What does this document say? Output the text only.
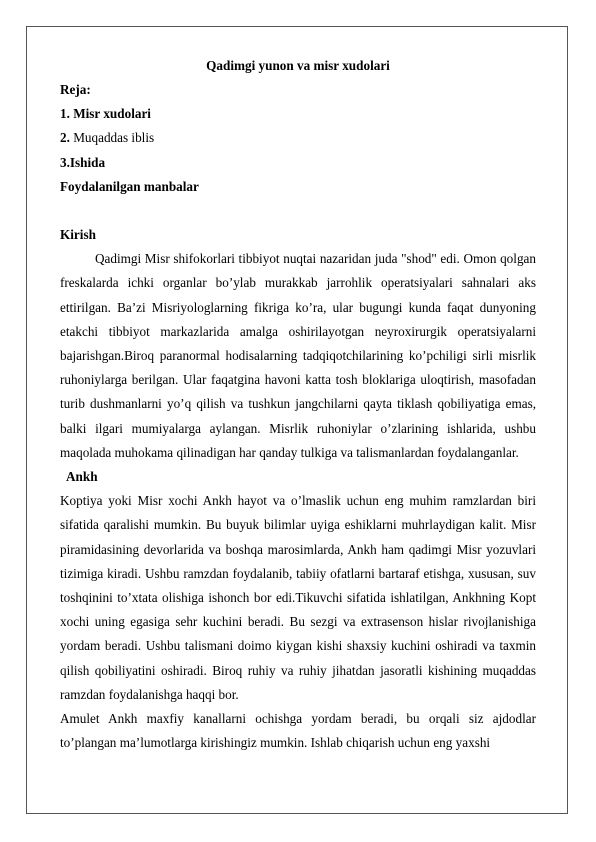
Qadimgi yunon va misr xudolari

Reja:

1. Misr xudolari

2. Muqaddas iblis

3.Ishida

Foydalanilgan manbalar

Kirish

Qadimgi Misr shifokorlari tibbiyot nuqtai nazaridan juda "shod" edi. Omon qolgan freskalarda ichki organlar bo’ylab murakkab jarrohlik operatsiyalari sahnalari aks ettirilgan. Ba’zi Misriyologlarning fikriga ko’ra, ular bugungi kunda faqat dunyoning etakchi tibbiyot markazlarida amalga oshirilayotgan neyroxirurgik operatsiyalarni bajarishgan.Biroq paranormal hodisalarning tadqiqotchilarining ko’pchiligi sirli misrlik ruhoniylarga berilgan. Ular faqatgina havoni katta tosh bloklariga uloqtirish, masofadan turib dushmanlarni yo’q qilish va tushkun jangchilarni qayta tiklash qobiliyatiga emas, balki ilgari mumiyalarga aylangan. Misrlik ruhoniylar o’zlarining ishlarida, ushbu maqolada muhokama qilinadigan har qanday tulkiga va talismanlardan foydalanganlar.

Ankh

Koptiya yoki Misr xochi Ankh hayot va o’lmaslik uchun eng muhim ramzlardan biri sifatida qaralishi mumkin. Bu buyuk bilimlar uyiga eshiklarni muhrlaydigan kalit. Misr piramidasining devorlarida va boshqa marosimlarda, Ankh ham qadimgi Misr yozuvlari tizimiga kiradi. Ushbu ramzdan foydalanib, tabiiy ofatlarni bartaraf etishga, xususan, suv toshqinini to’xtata olishiga ishonch bor edi.Tikuvchi sifatida ishlatilgan, Ankhning Kopt xochi uning egasiga sehr kuchini beradi. Bu sezgi va extrasenson hislar rivojlanishiga yordam beradi. Ushbu talismani doimo kiygan kishi shaxsiy kuchini oshiradi va taxmin qilish qobiliyatini oshiradi. Biroq ruhiy va ruhiy jihatdan jasoratli kishining muqaddas ramzdan foydalanishga haqqi bor.

Amulet Ankh maxfiy kanallarni ochishga yordam beradi, bu orqali siz ajdodlar to’plangan ma’lumotlarga kirishingiz mumkin. Ishlab chiqarish uchun eng yaxshi
